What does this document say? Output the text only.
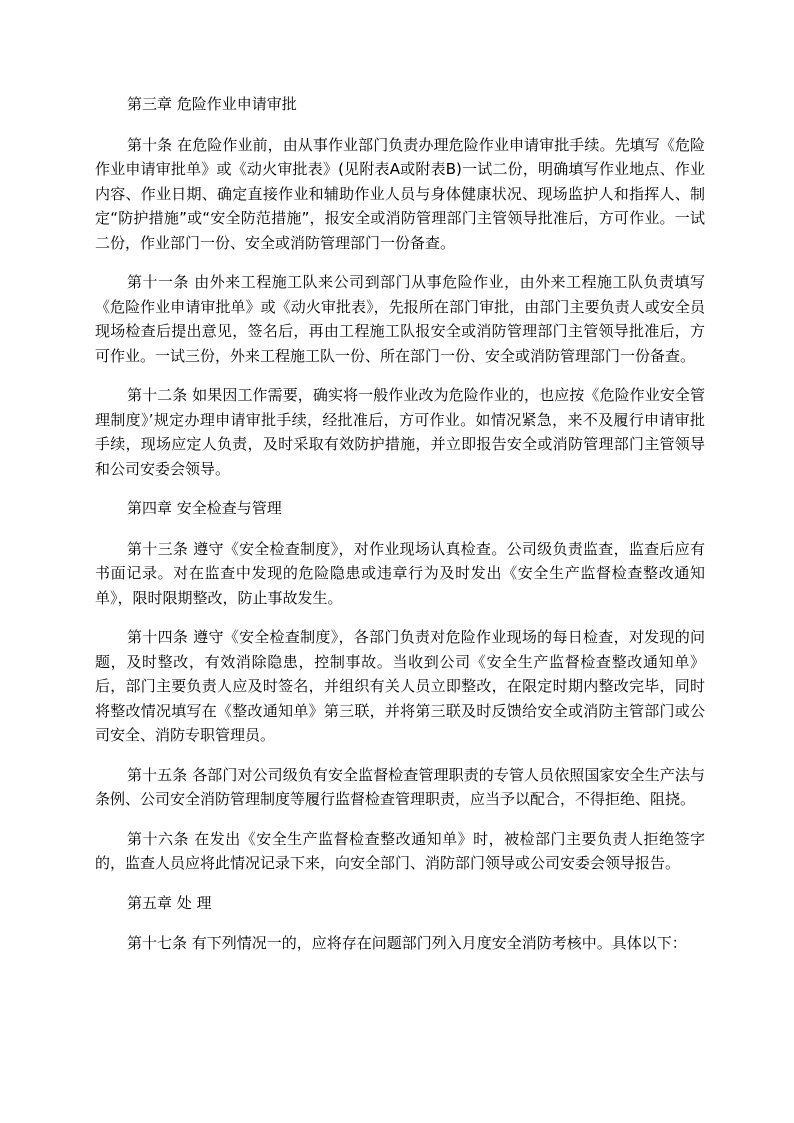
第三章 危险作业申请审批

第十条 在危险作业前，由从事作业部门负责办理危险作业申请审批手续。先填写《危险作业申请审批单》或《动火审批表》(见附表A或附表B)一试二份，明确填写作业地点、作业内容、作业日期、确定直接作业和辅助作业人员与身体健康状况、现场监护人和指挥人、制定“防护措施”或“安全防范措施”，报安全或消防管理部门主管领导批准后，方可作业。一试二份，作业部门一份、安全或消防管理部门一份备查。

第十一条 由外来工程施工队来公司到部门从事危险作业，由外来工程施工队负责填写《危险作业申请审批单》或《动火审批表》，先报所在部门审批，由部门主要负责人或安全员现场检查后提出意见，签名后，再由工程施工队报安全或消防管理部门主管领导批准后，方可作业。一试三份，外来工程施工队一份、所在部门一份、安全或消防管理部门一份备查。

第十二条 如果因工作需要，确实将一般作业改为危险作业的，也应按《危险作业安全管理制度》’规定办理申请审批手续，经批准后，方可作业。如情况紧急，来不及履行申请审批手续，现场应定人负责，及时采取有效防护措施，并立即报告安全或消防管理部门主管领导和公司安委会领导。

第四章 安全检查与管理

第十三条 遵守《安全检查制度》，对作业现场认真检查。公司级负责监查，监查后应有书面记录。对在监查中发现的危险隐患或违章行为及时发出《安全生产监督检查整改通知单》，限时限期整改，防止事故发生。

第十四条 遵守《安全检查制度》，各部门负责对危险作业现场的每日检查，对发现的问题，及时整改，有效消除隐患，控制事故。当收到公司《安全生产监督检查整改通知单》后，部门主要负责人应及时签名，并组织有关人员立即整改，在限定时期内整改完毕，同时将整改情况填写在《整改通知单》第三联，并将第三联及时反馈给安全或消防主管部门或公司安全、消防专职管理员。

第十五条 各部门对公司级负有安全监督检查管理职责的专管人员依照国家安全生产法与条例、公司安全消防管理制度等履行监督检查管理职责，应当予以配合，不得拒绝、阻挠。

第十六条 在发出《安全生产监督检查整改通知单》时，被检部门主要负责人拒绝签字的，监查人员应将此情况记录下来，向安全部门、消防部门领导或公司安委会领导报告。

第五章 处 理

第十七条 有下列情况一的，应将存在问题部门列入月度安全消防考核中。具体以下：
